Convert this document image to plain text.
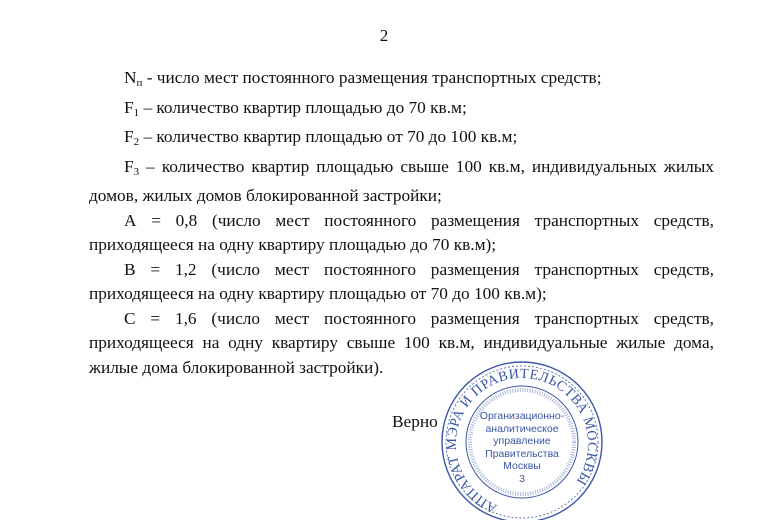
2

$N_п$ - число мест постоянного размещения транспортных средств;

$F_1$ – количество квартир площадью до 70 кв.м;

$F_2$ – количество квартир площадью от 70 до 100 кв.м;

$F_3$ – количество квартир площадью свыше 100 кв.м, индивидуальных жилых домов, жилых домов блокированной застройки;

А = 0,8 (число мест постоянного размещения транспортных средств, приходящееся на одну квартиру площадью до 70 кв.м);

В = 1,2 (число мест постоянного размещения транспортных средств, приходящееся на одну квартиру площадью от 70 до 100 кв.м);

С = 1,6 (число мест постоянного размещения транспортных средств, приходящееся на одну квартиру свыше 100 кв.м, индивидуальные жилые дома, жилые дома блокированной застройки).

Верно
АППАРАТ МЭРА И ПРАВИТЕЛЬСТВА МОСКВЫ
Организационно-
аналитическое
управление
Правительства
Москвы
3
